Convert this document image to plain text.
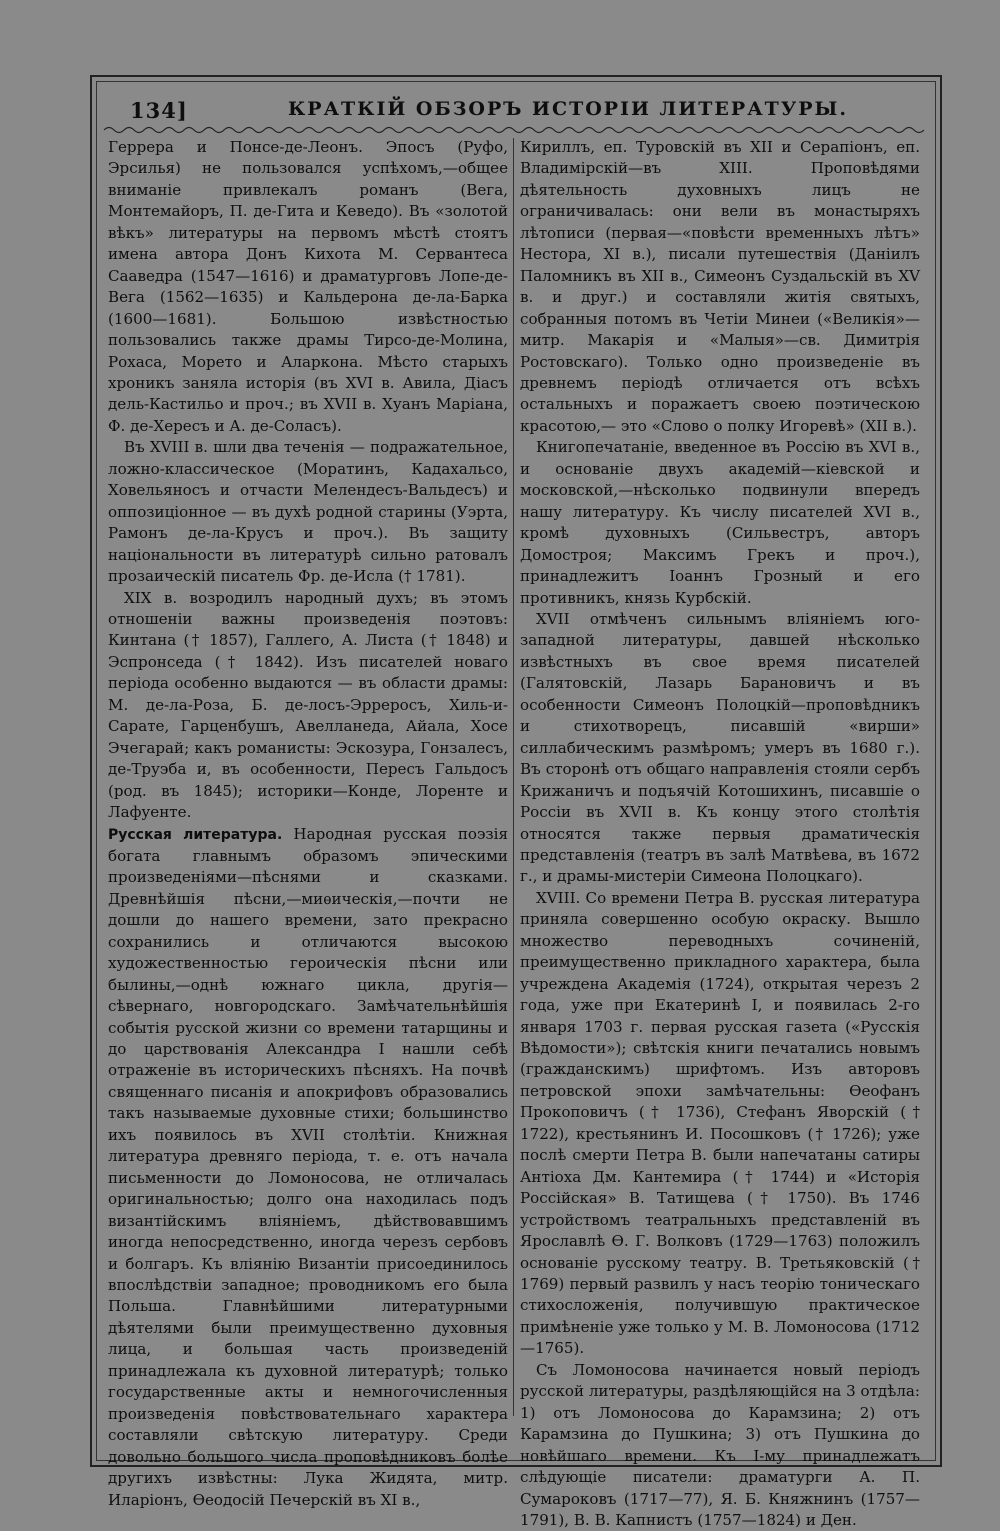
134]	КРАТКІЙ ОБЗОРЪ ИСТОРІИ ЛИТЕРАТУРЫ.

Геррера и Понсе-де-Леонъ. Эпосъ (Руфо, Эрсилья) не пользовался успѣхомъ,—общее вниманіе привлекалъ романъ (Вега, Монтемайоръ, П. де-Гита и Кеведо). Въ «золотой вѣкъ» литературы на первомъ мѣстѣ стоятъ имена автора Донъ Кихота М. Сервантеса Сааведра (1547—1616) и драматурговъ Лопе-де-Вега (1562—1635) и Кальдерона де-ла-Барка (1600—1681). Большою извѣстностью пользовались также драмы Тирсо-де-Молина, Рохаса, Морето и Аларкона. Мѣсто старыхъ хроникъ заняла исторія (въ XVI в. Авила, Діасъ дель-Кастильо и проч.; въ XVII в. Хуанъ Маріана, Ф. де-Хересъ и А. де-Соласъ).

Въ XVIII в. шли два теченія — подражательное, ложно-классическое (Моратинъ, Кадахальсо, Ховельяносъ и отчасти Мелендесъ-Вальдесъ) и оппозиціонное — въ духѣ родной старины (Уэрта, Рамонъ де-ла-Крусъ и проч.). Въ защиту національности въ литературѣ сильно ратовалъ прозаическій писатель Фр. де-Исла († 1781).

XIX в. возродилъ народный духъ; въ этомъ отношеніи важны произведенія поэтовъ: Кинтана († 1857), Галлего, А. Листа († 1848) и Эспронседа († 1842). Изъ писателей новаго періода особенно выдаются — въ области драмы: М. де-ла-Роза, Б. де-лосъ-Эрреросъ, Хиль-и-Сарате, Гарценбушъ, Авелланеда, Айала, Хосе Эчегарай; какъ романисты: Эскозура, Гонзалесъ, де-Труэба и, въ особенности, Пересъ Гальдосъ (род. въ 1845); историки—Конде, Лоренте и Лафуенте.

Русская литература. Народная русская поэзія богата главнымъ образомъ эпическими произведеніями—пѣснями и сказками. Древнѣйшія пѣсни,—миѳическія,—почти не дошли до нашего времени, зато прекрасно сохранились и отличаются высокою художественностью героическія пѣсни или былины,—однѣ южнаго цикла, другія—сѣвернаго, новгородскаго. Замѣчательнѣйшія событія русской жизни со времени татарщины и до царствованія Александра I нашли себѣ отраженіе въ историческихъ пѣсняхъ. На почвѣ священнаго писанія и апокрифовъ образовались такъ называемые духовные стихи; большинство ихъ появилось въ XVII столѣтіи. Книжная литература древняго періода, т. е. отъ начала письменности до Ломоносова, не отличалась оригинальностью; долго она находилась подъ византійскимъ вліяніемъ, дѣйствовавшимъ иногда непосредственно, иногда черезъ сербовъ и болгаръ. Къ вліянію Византіи присоединилось впослѣдствіи западное; проводникомъ его была Польша. Главнѣйшими литературными дѣятелями были преимущественно духовныя лица, и большая часть произведеній принадлежала къ духовной литературѣ; только государственные акты и немногочисленныя произведенія повѣствовательнаго характера составляли свѣтскую литературу. Среди довольно большого числа проповѣдниковъ болѣе другихъ извѣстны: Лука Жидята, митр. Иларіонъ, Ѳеодосій Печерскій въ XI в.,

Кириллъ, еп. Туровскій въ XII и Серапіонъ, еп. Владимірскій—въ XIII. Проповѣдями дѣятельность духовныхъ лицъ не ограничивалась: они вели въ монастыряхъ лѣтописи (первая—«повѣсти временныхъ лѣтъ» Нестора, XI в.), писали путешествія (Даніилъ Паломникъ въ XII в., Симеонъ Суздальскій въ XV в. и друг.) и составляли житія святыхъ, собранныя потомъ въ Четіи Минеи («Великія»—митр. Макарія и «Малыя»—св. Димитрія Ростовскаго). Только одно произведеніе въ древнемъ періодѣ отличается отъ всѣхъ остальныхъ и поражаетъ своею поэтическою красотою,— это «Слово о полку Игоревѣ» (XII в.).

Книгопечатаніе, введенное въ Россію въ XVI в., и основаніе двухъ академій—кіевской и московской,—нѣсколько подвинули впередъ нашу литературу. Къ числу писателей XVI в., кромѣ духовныхъ (Сильвестръ, авторъ Домостроя; Максимъ Грекъ и проч.), принадлежитъ Іоаннъ Грозный и его противникъ, князь Курбскій.

XVII отмѣченъ сильнымъ вліяніемъ юго-западной литературы, давшей нѣсколько извѣстныхъ въ свое время писателей (Галятовскій, Лазарь Барановичъ и въ особенности Симеонъ Полоцкій—проповѣдникъ и стихотворецъ, писавшій «вирши» силлабическимъ размѣромъ; умеръ въ 1680 г.). Въ сторонѣ отъ общаго направленія стояли сербъ Крижаничъ и подъячій Котошихинъ, писавшіе о Россіи въ XVII в. Къ концу этого столѣтія относятся также первыя драматическія представленія (театръ въ залѣ Матвѣева, въ 1672 г., и драмы-мистеріи Симеона Полоцкаго).

XVIII. Со времени Петра В. русская литература приняла совершенно особую окраску. Вышло множество переводныхъ сочиненій, преимущественно прикладного характера, была учреждена Академія (1724), открытая черезъ 2 года, уже при Екатеринѣ I, и появилась 2-го января 1703 г. первая русская газета («Русскія Вѣдомости»); свѣтскія книги печатались новымъ (гражданскимъ) шрифтомъ. Изъ авторовъ петровской эпохи замѣчательны: Ѳеофанъ Прокоповичъ († 1736), Стефанъ Яворскій († 1722), крестьянинъ И. Посошковъ († 1726); уже послѣ смерти Петра В. были напечатаны сатиры Антіоха Дм. Кантемира († 1744) и «Исторія Россійская» В. Татищева († 1750). Въ 1746 устройствомъ театральныхъ представленій въ Ярославлѣ Ѳ. Г. Волковъ (1729—1763) положилъ основаніе русскому театру. В. Третьяковскій († 1769) первый развилъ у насъ теорію тоническаго стихосложенія, получившую практическое примѣненіе уже только у М. В. Ломоносова (1712—1765).

Съ Ломоносова начинается новый періодъ русской литературы, раздѣляющійся на 3 отдѣла: 1) отъ Ломоносова до Карамзина; 2) отъ Карамзина до Пушкина; 3) отъ Пушкина до новѣйшаго времени. Къ I-му принадлежатъ слѣдующіе писатели: драматурги А. П. Сумароковъ (1717—77), Я. Б. Княжнинъ (1757—1791), В. В. Капнистъ (1757—1824) и Ден.
